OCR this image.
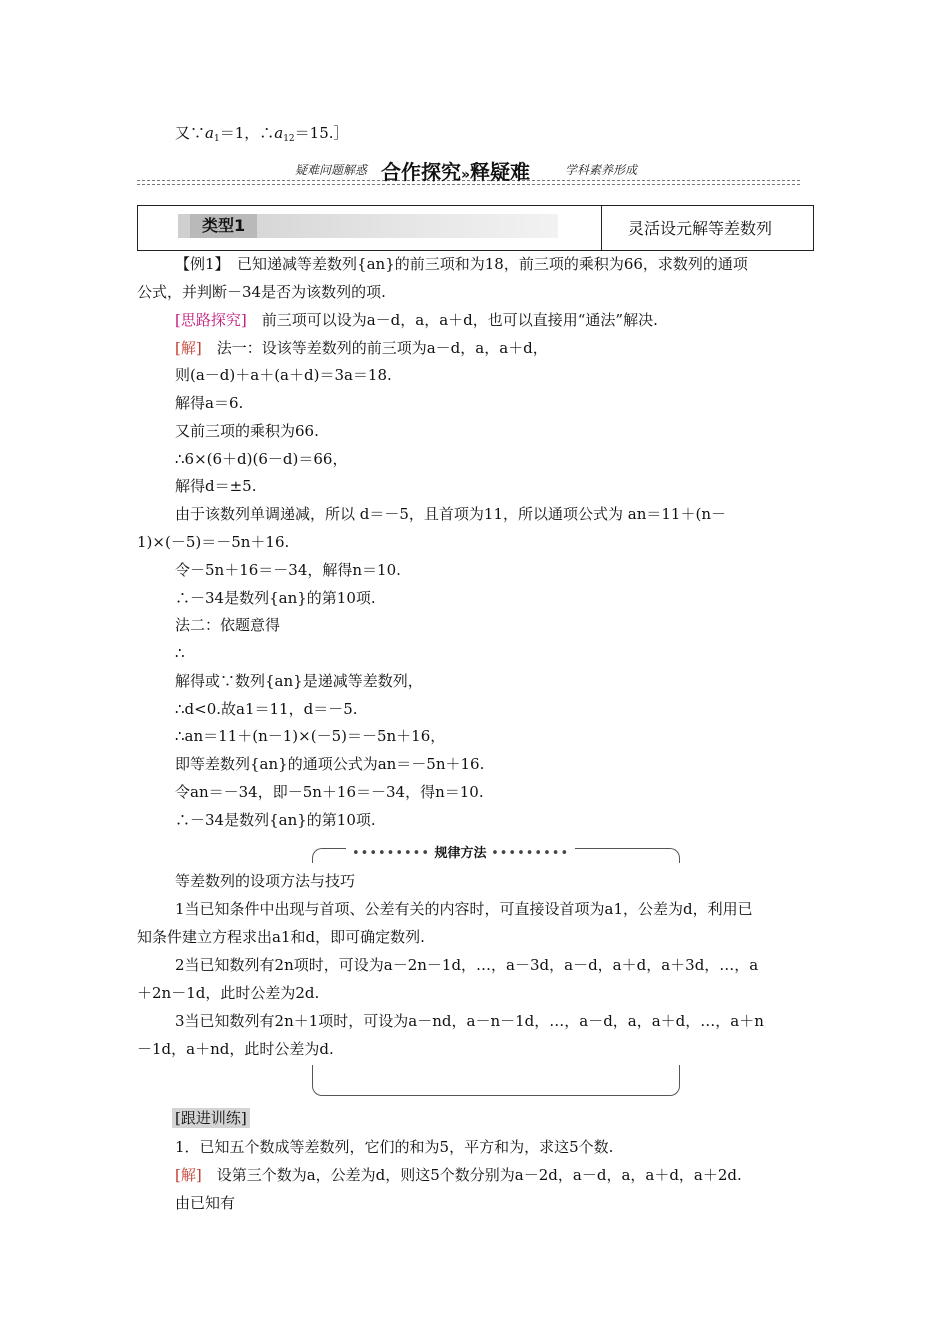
又$\because a_1=1$，$\therefore a_{12}=15.]$
疑难问题解惑 合作探究»释疑难	学科素养形成
类型1	灵活设元解等差数列
【例1】　已知递减等差数列{an}的前三项和为18，前三项的乘积为66，求数列的通项
公式，并判断－34是否为该数列的项.
[思路探究]　前三项可以设为a－d，a，a＋d，也可以直接用“通法”解决.
[解]　法一：设该等差数列的前三项为a－d，a，a＋d，
则(a－d)＋a＋(a＋d)＝3a＝18.
解得a＝6.
又前三项的乘积为66.
∴6×(6＋d)(6－d)＝66，
解得d＝±5.
由于该数列单调递减，所以 d＝－5，且首项为11，所以通项公式为 an＝11＋(n－
1)×(－5)＝－5n＋16.
令－5n＋16＝－34，解得n＝10.
∴－34是数列{an}的第10项.
法二：依题意得
∴
解得或∵数列{an}是递减等差数列，
∴d<0.故a1＝11，d＝－5.
∴an＝11＋(n－1)×(－5)＝－5n＋16，
即等差数列{an}的通项公式为an＝－5n＋16.
令an＝－34，即－5n＋16＝－34，得n＝10.
∴－34是数列{an}的第10项.
••••••••• 规律方法 •••••••••
等差数列的设项方法与技巧
1当已知条件中出现与首项、公差有关的内容时，可直接设首项为a1，公差为d，利用已
知条件建立方程求出a1和d，即可确定数列.
2当已知数列有2n项时，可设为a－2n－1d，…，a－3d，a－d，a＋d，a＋3d，…，a
＋2n－1d，此时公差为2d.
3当已知数列有2n＋1项时，可设为a－nd，a－n－1d，…，a－d，a，a＋d，…，a＋n
－1d，a＋nd，此时公差为d.
[跟进训练]
1．已知五个数成等差数列，它们的和为5，平方和为，求这5个数.
[解]　设第三个数为a，公差为d，则这5个数分别为a－2d，a－d，a，a＋d，a＋2d.
由已知有
